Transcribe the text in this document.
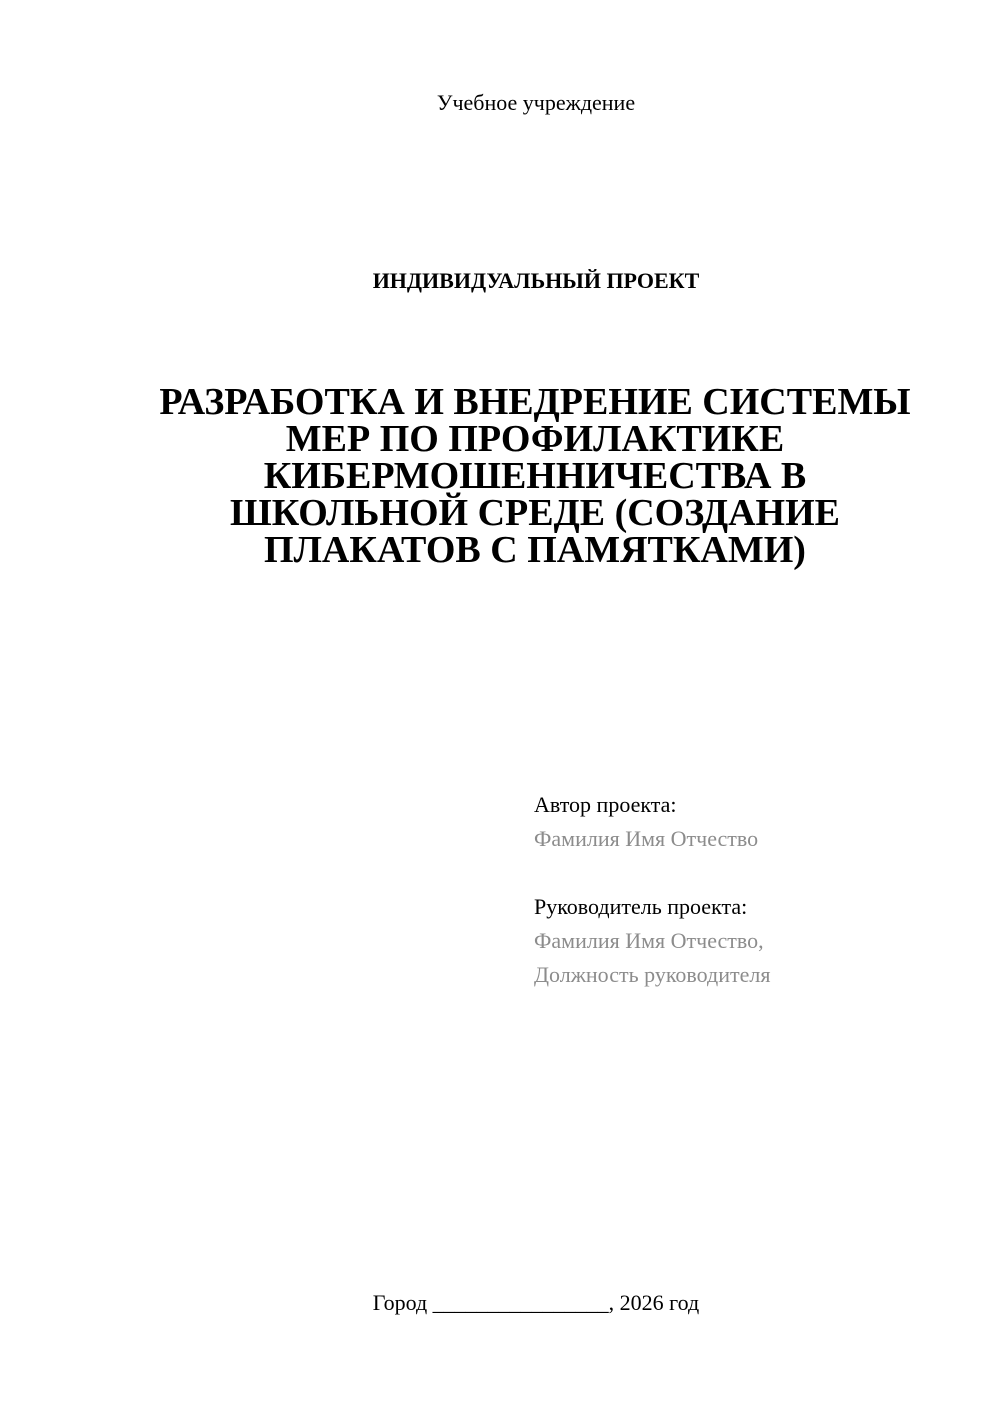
Учебное учреждение
ИНДИВИДУАЛЬНЫЙ ПРОЕКТ
РАЗРАБОТКА И ВНЕДРЕНИЕ СИСТЕМЫ
МЕР ПО ПРОФИЛАКТИКЕ
КИБЕРМОШЕННИЧЕСТВА В
ШКОЛЬНОЙ СРЕДЕ (СОЗДАНИЕ
ПЛАКАТОВ С ПАМЯТКАМИ)
Автор проекта:
Фамилия Имя Отчество
Руководитель проекта:
Фамилия Имя Отчество,
Должность руководителя
Город ________________, 2026 год
